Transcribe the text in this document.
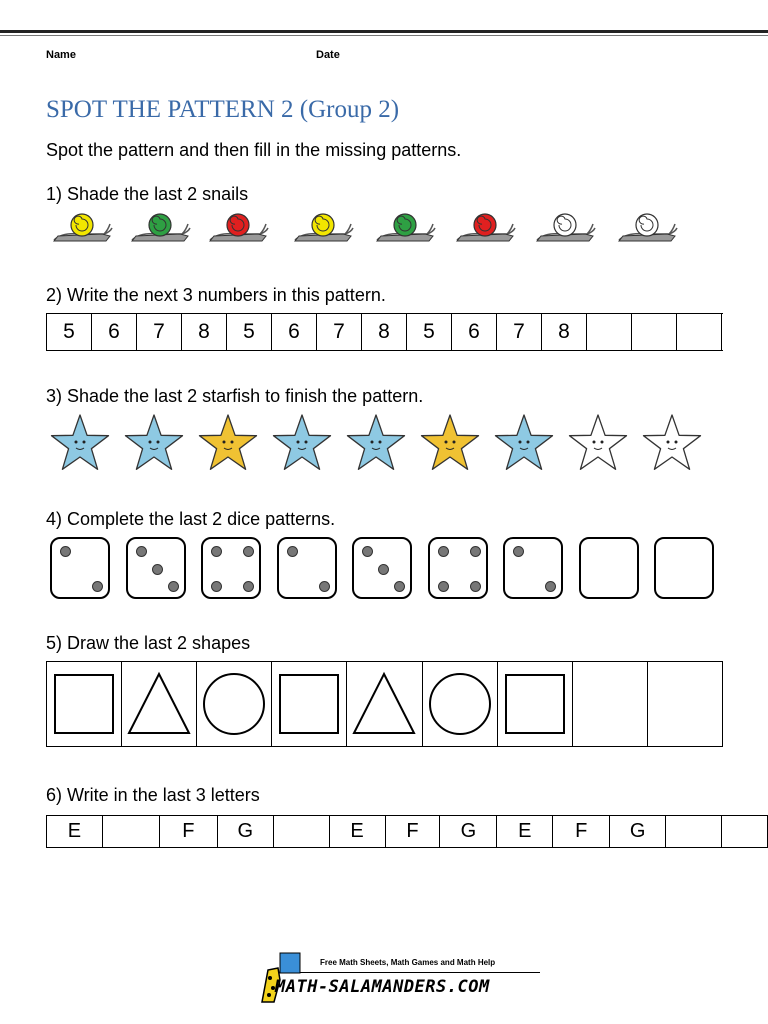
Name	Date
SPOT THE PATTERN 2 (Group 2)
Spot the pattern and then fill in the missing patterns.
1) Shade the last 2 snails
2) Write the next 3 numbers in this pattern.
5	6	7	8	5	6	7	8	5	6	7	8
3) Shade the last 2 starfish to finish the pattern.
4) Complete the last 2 dice patterns.
5) Draw the last 2 shapes
6) Write in the last 3 letters
E	F	G	E	F	G	E	F	G
Free Math Sheets, Math Games and Math Help
MATH-SALAMANDERS.COM
